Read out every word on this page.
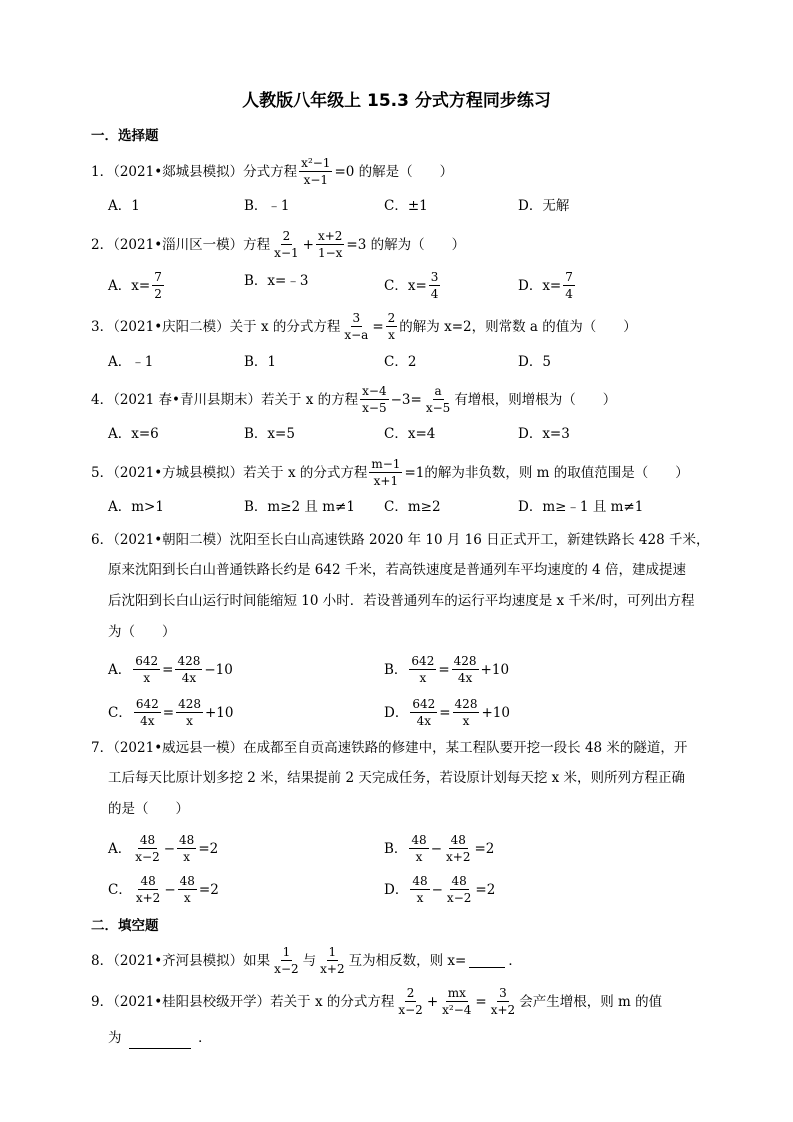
人教版八年级上 15.3 分式方程同步练习
一．选择题
1．（2021•郯城县模拟）分式方程 $\frac{\text{x²−1}}{x-1} =0$ 的解是（　　）
A．1	B．﹣1	C．±1	D．无解
2．（2021•淄川区一模）方程 $\frac{2}{x-1} + \frac{x+2}{1-x} =3$ 的解为（　　）
A．$x= \frac{7}{2}$	B．x=﹣3	C．$x= \frac{3}{4}$	D．$x= \frac{7}{4}$
3．（2021•庆阳二模）关于 x 的分式方程 $\frac{3}{x-a} = \frac{2}{x}$ 的解为 x=2，则常数 a 的值为（　　）
A．﹣1	B．1	C．2	D．5
4．（2021 春•青川县期末）若关于 x 的方程 $\frac{x-4}{x-5} -3= \frac{a}{x-5}$ 有增根，则增根为（　　）
A．x=6	B．x=5	C．x=4	D．x=3
5．（2021•方城县模拟）若关于 x 的分式方程 $\frac{m-1}{x+1} =1$的解为非负数，则 m 的取值范围是（　　）
A．m>1	B．m≥2 且 m≠1 C．m≥2	D．m≥﹣1 且 m≠1
6．（2021•朝阳二模）沈阳至长白山高速铁路 2020 年 10 月 16 日正式开工，新建铁路长 428 千米，
原来沈阳到长白山普通铁路长约是 642 千米，若高铁速度是普通列车平均速度的 4 倍，建成提速
后沈阳到长白山运行时间能缩短 10 小时．若设普通列车的运行平均速度是 x 千米/时，可列出方程
为（　　）
A． $\frac{642}{x} = \frac{428}{4x} -10$	B． $\frac{642}{x} = \frac{428}{4x} +10$
C． $\frac{642}{4x} = \frac{428}{x} +10$	D． $\frac{642}{4x} = \frac{428}{x} +10$
7．（2021•威远县一模）在成都至自贡高速铁路的修建中，某工程队要开挖一段长 48 米的隧道，开
工后每天比原计划多挖 2 米，结果提前 2 天完成任务，若设原计划每天挖 x 米，则所列方程正确
的是（　　）
A． $\frac{48}{x-2} - \frac{48}{x} =2$	B． $\frac{48}{x} - \frac{48}{x+2} =2$
C． $\frac{48}{x+2} - \frac{48}{x} =2$	D． $\frac{48}{x} - \frac{48}{x-2} =2$
二．填空题
8．（2021•齐河县模拟）如果 $\frac{1}{x-2}$ 与 $\frac{1}{x+2}$ 互为相反数，则 x=	．
9．（2021•桂阳县校级开学）若关于 x 的分式方程 $\frac{2}{x-2} + \frac{mx}{\text{x²−4}} = \frac{3}{x+2}$ 会产生增根，则 m 的值
为	．
